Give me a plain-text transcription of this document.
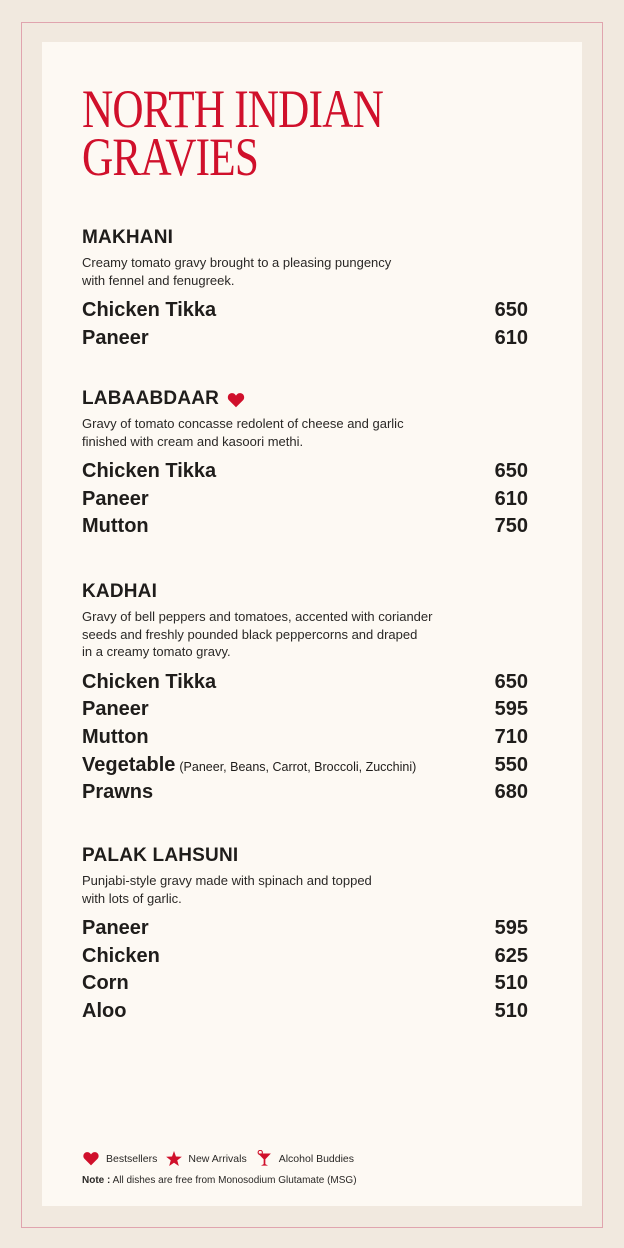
NORTH INDIAN
GRAVIES
MAKHANI
Creamy tomato gravy brought to a pleasing pungency
with fennel and fenugreek.
Chicken Tikka	650
Paneer	610
LABAABDAAR
Gravy of tomato concasse redolent of cheese and garlic
finished with cream and kasoori methi.
Chicken Tikka	650
Paneer	610
Mutton	750
KADHAI
Gravy of bell peppers and tomatoes, accented with coriander
seeds and freshly pounded black peppercorns and draped
in a creamy tomato gravy.
Chicken Tikka	650
Paneer	595
Mutton	710
Vegetable (Paneer, Beans, Carrot, Broccoli, Zucchini)	550
Prawns	680
PALAK LAHSUNI
Punjabi-style gravy made with spinach and topped
with lots of garlic.
Paneer	595
Chicken	625
Corn	510
Aloo	510
Bestsellers	New Arrivals	Alcohol Buddies
Note : All dishes are free from Monosodium Glutamate (MSG)
